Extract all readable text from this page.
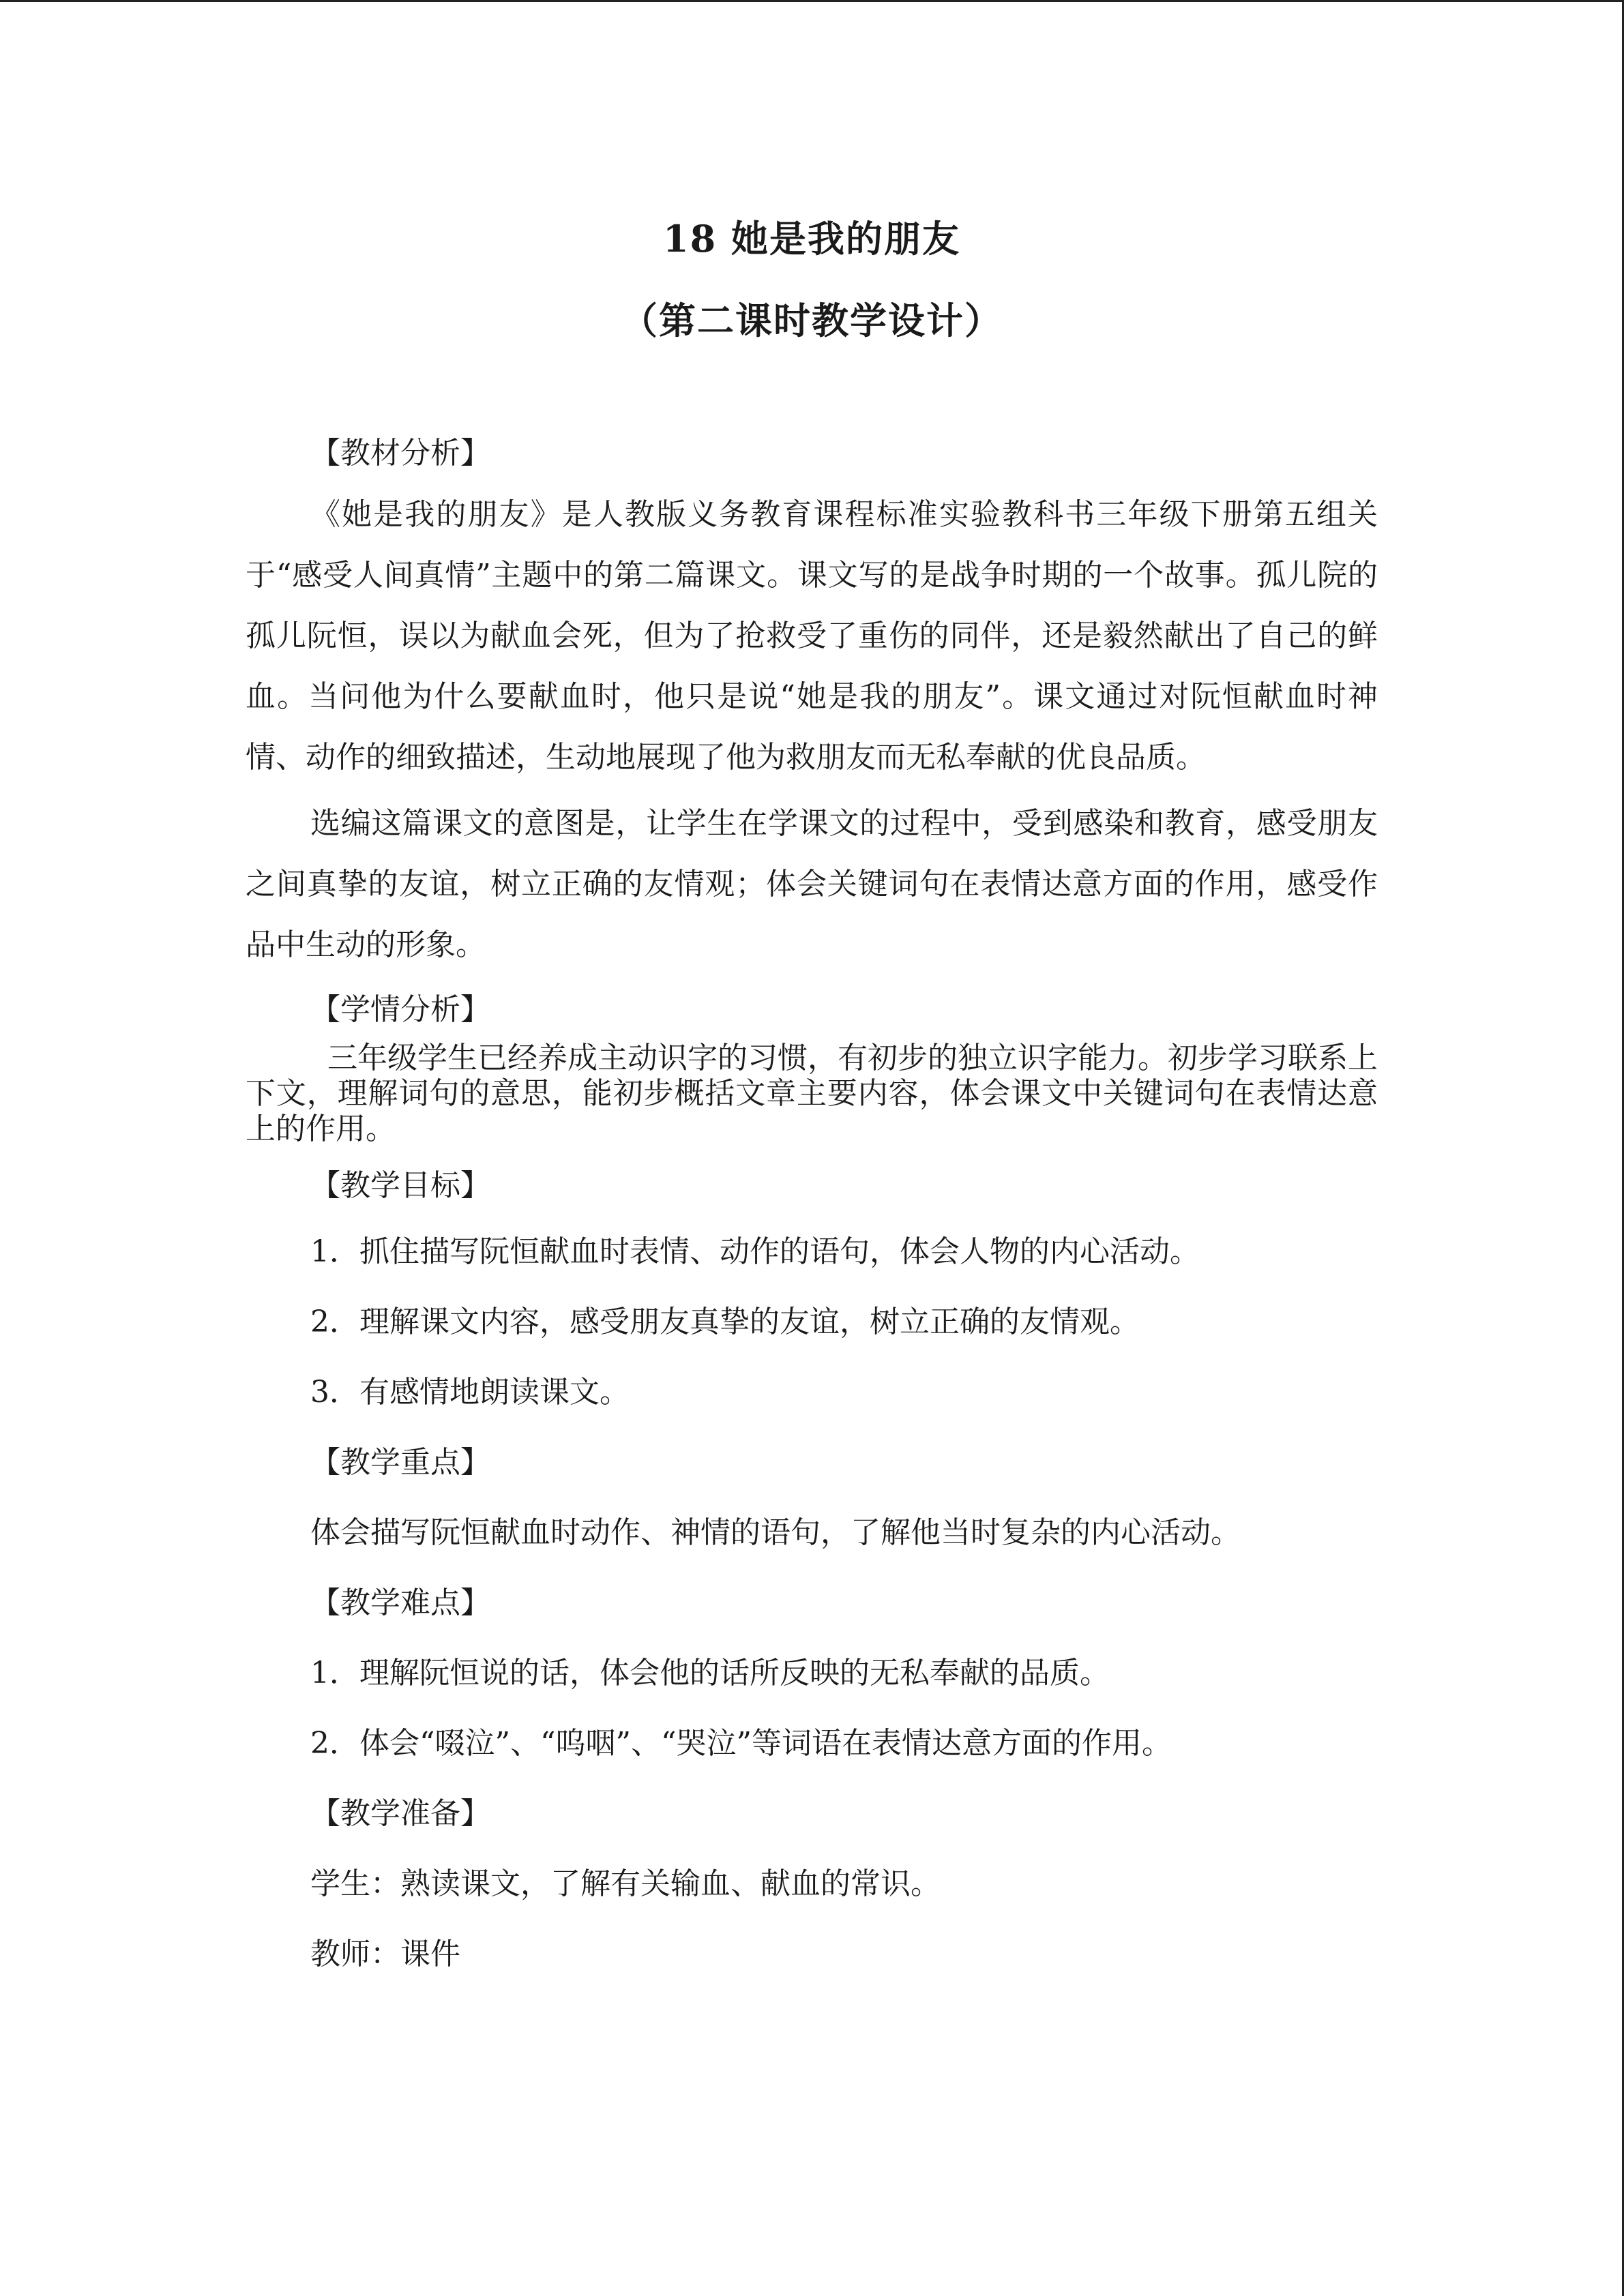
18 她是我的朋友
（第二课时教学设计）

【教材分析】

《她是我的朋友》是人教版义务教育课程标准实验教科书三年级下册第五组关于“感受人间真情”主题中的第二篇课文。课文写的是战争时期的一个故事。孤儿院的孤儿阮恒，误以为献血会死，但为了抢救受了重伤的同伴，还是毅然献出了自己的鲜血。当问他为什么要献血时，他只是说“她是我的朋友”。课文通过对阮恒献血时神情、动作的细致描述，生动地展现了他为救朋友而无私奉献的优良品质。

选编这篇课文的意图是，让学生在学课文的过程中，受到感染和教育，感受朋友之间真挚的友谊，树立正确的友情观；体会关键词句在表情达意方面的作用，感受作品中生动的形象。

【学情分析】

三年级学生已经养成主动识字的习惯，有初步的独立识字能力。初步学习联系上下文，理解词句的意思，能初步概括文章主要内容，体会课文中关键词句在表情达意上的作用。

【教学目标】

1．抓住描写阮恒献血时表情、动作的语句，体会人物的内心活动。

2．理解课文内容，感受朋友真挚的友谊，树立正确的友情观。

3．有感情地朗读课文。

【教学重点】

体会描写阮恒献血时动作、神情的语句，了解他当时复杂的内心活动。

【教学难点】

1．理解阮恒说的话，体会他的话所反映的无私奉献的品质。

2．体会“啜泣”、“呜咽”、“哭泣”等词语在表情达意方面的作用。

【教学准备】

学生：熟读课文，了解有关输血、献血的常识。

教师：课件
